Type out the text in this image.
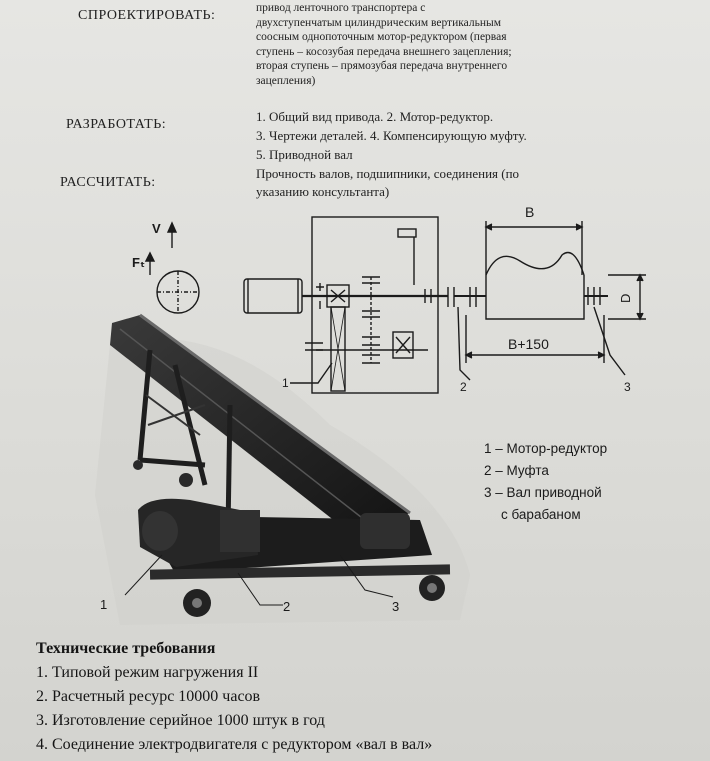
СПРОЕКТИРОВАТЬ:	привод ленточного транспортера с
двухступенчатым цилиндрическим вертикальным
соосным однопоточным мотор-редуктором (первая
ступень – косозубая передача внешнего зацепления;
вторая ступень – прямозубая передача внутреннего
зацепления)
РАЗРАБОТАТЬ:
1. Общий вид привода. 2. Мотор-редуктор.
3. Чертежи деталей. 4. Компенсирующую муфту.
5. Приводной вал
РАССЧИТАТЬ:
Прочность валов, подшипники, соединения (по
указанию консультанта)
1	2	3
V
Fₜ
B
B+150
D
1	2	3
1 – Мотор-редуктор
2 – Муфта
3 – Вал приводной
с барабаном
Технические требования
1. Типовой режим нагружения II
2. Расчетный ресурс 10000 часов
3. Изготовление серийное 1000 штук в год
4. Соединение электродвигателя с редуктором «вал в вал»
